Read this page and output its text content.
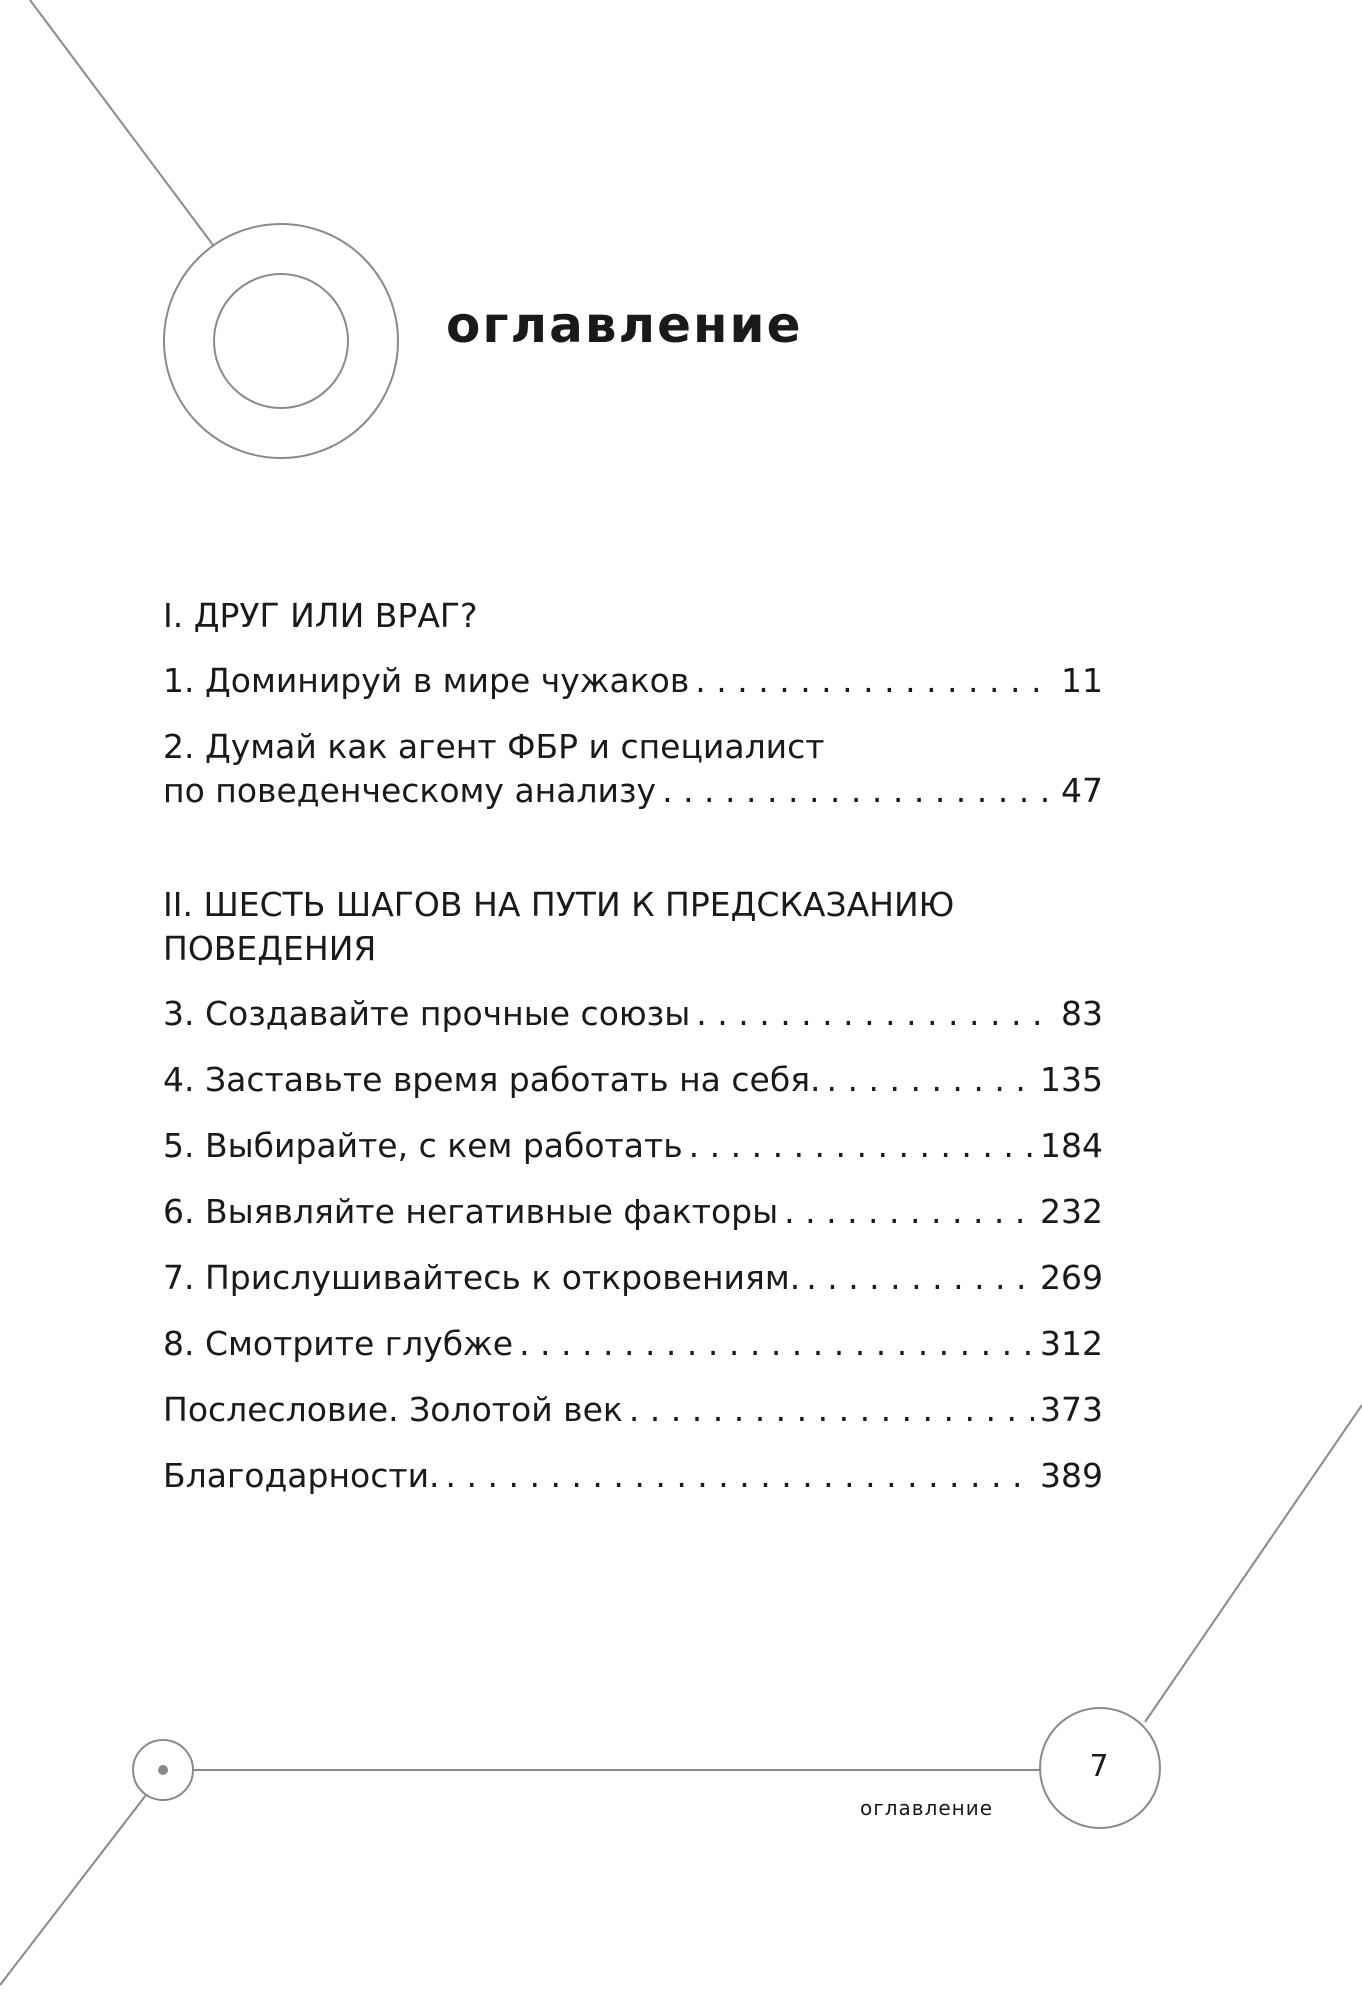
оглавление
I. ДРУГ ИЛИ ВРАГ?
1. Доминируй в мире чужаков . . .	11
2. Думай как агент ФБР и специалист
по поведенческому анализу . . .	47
II. ШЕСТЬ ШАГОВ НА ПУТИ К ПРЕДСКАЗАНИЮ ПОВЕДЕНИЯ
3. Создавайте прочные союзы . . .	83
4. Заставьте время работать на себя. . . .	135
5. Выбирайте, с кем работать . . .	184
6. Выявляйте негативные факторы . . .	232
7. Прислушивайтесь к откровениям. . . .	269
8. Смотрите глубже . . .	312
Послесловие. Золотой век . . .	373
Благодарности. . . .	389
7
оглавление
